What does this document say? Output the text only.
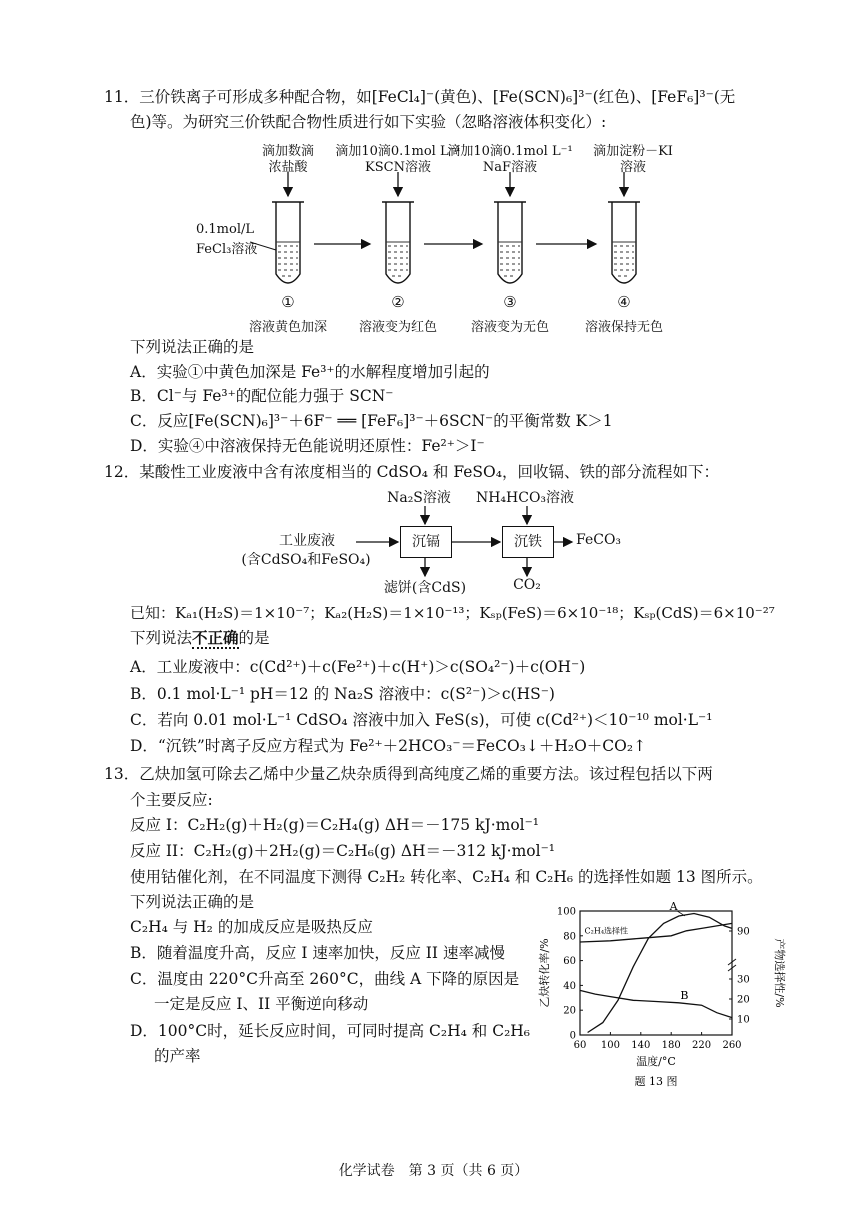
11．三价铁离子可形成多种配合物，如[FeCl₄]⁻(黄色)、[Fe(SCN)₆]³⁻(红色)、[FeF₆]³⁻(无
色)等。为研究三价铁配合物性质进行如下实验（忽略溶液体积变化）:
滴加数滴
浓盐酸
滴加10滴0.1mol L⁻¹
KSCN溶液
滴加10滴0.1mol L⁻¹
NaF溶液
滴加淀粉－KI
溶液
0.1mol/L
FeCl₃溶液
①	②	③	④
溶液黄色加深	溶液变为红色	溶液变为无色	溶液保持无色
下列说法正确的是
A．实验①中黄色加深是 Fe³⁺的水解程度增加引起的
B．Cl⁻与 Fe³⁺的配位能力强于 SCN⁻
C．反应[Fe(SCN)₆]³⁻＋6F⁻ ══ [FeF₆]³⁻＋6SCN⁻的平衡常数 K＞1
D．实验④中溶液保持无色能说明还原性：Fe²⁺＞I⁻
12．某酸性工业废液中含有浓度相当的 CdSO₄ 和 FeSO₄，回收镉、铁的部分流程如下：
Na₂S溶液	NH₄HCO₃溶液
工业废液
(含CdSO₄和FeSO₄)
沉镉	沉铁	FeCO₃
滤饼(含CdS)	CO₂
已知：Kₐ₁(H₂S)＝1×10⁻⁷；Kₐ₂(H₂S)＝1×10⁻¹³；Kₛₚ(FeS)＝6×10⁻¹⁸；Kₛₚ(CdS)＝6×10⁻²⁷
下列说法不正确的是
A．工业废液中：c(Cd²⁺)＋c(Fe²⁺)＋c(H⁺)＞c(SO₄²⁻)＋c(OH⁻)
B．0.1 mol·L⁻¹ pH＝12 的 Na₂S 溶液中：c(S²⁻)＞c(HS⁻)
C．若向 0.01 mol·L⁻¹ CdSO₄ 溶液中加入 FeS(s)，可使 c(Cd²⁺)＜10⁻¹⁰ mol·L⁻¹
D．“沉铁”时离子反应方程式为 Fe²⁺＋2HCO₃⁻＝FeCO₃↓＋H₂O＋CO₂↑
13．乙炔加氢可除去乙烯中少量乙炔杂质得到高纯度乙烯的重要方法。该过程包括以下两
个主要反应:
反应 I：C₂H₂(g)＋H₂(g)＝C₂H₄(g) ΔH＝－175 kJ·mol⁻¹
反应 II：C₂H₂(g)＋2H₂(g)＝C₂H₆(g) ΔH＝－312 kJ·mol⁻¹
使用钴催化剂，在不同温度下测得 C₂H₂ 转化率、C₂H₄ 和 C₂H₆ 的选择性如题 13 图所示。
下列说法正确的是
C₂H₄ 与 H₂ 的加成反应是吸热反应
B．随着温度升高，反应 I 速率加快，反应 II 速率减慢
C．温度由 220°C升高至 260°C，曲线 A 下降的原因是
一定是反应 I、II 平衡逆向移动
D．100°C时，延长反应时间，可同时提高 C₂H₄ 和 C₂H₆
的产率
60 100 140 180 220 260
0
20
40
60
80
100
10
20
30
90
A
B
C₂H₄选择性
乙炔转化率/%	产物选择性/%
温度/°C
题 13 图
化学试卷　第 3 页（共 6 页）
